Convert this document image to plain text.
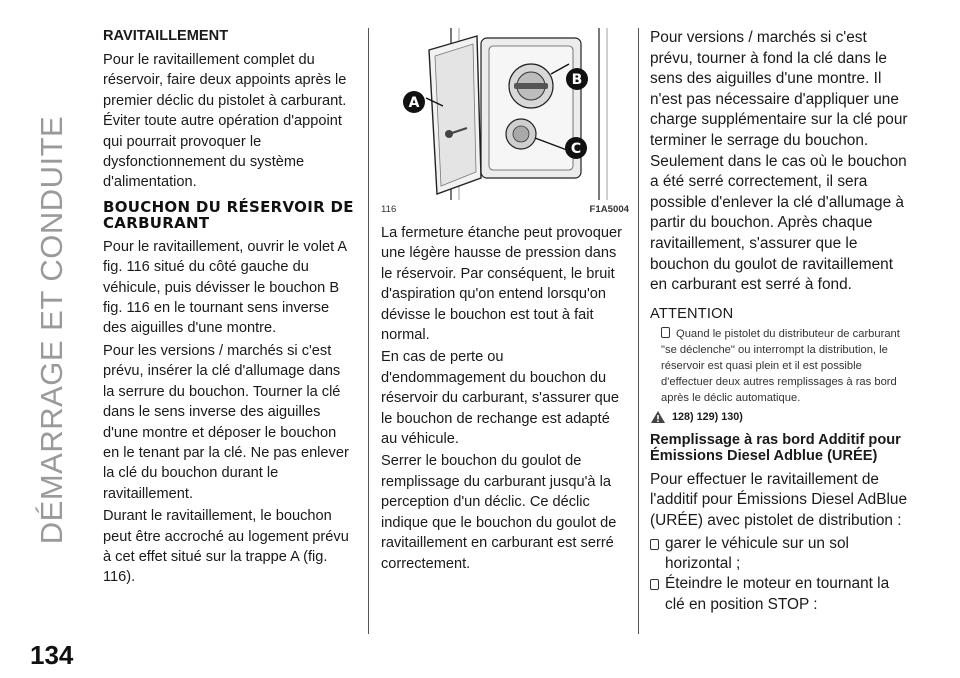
DÉMARRAGE ET CONDUITE
134
RAVITAILLEMENT

Pour le ravitaillement complet du réservoir, faire deux appoints après le premier déclic du pistolet à carburant. Éviter toute autre opération d'appoint qui pourrait provoquer le dysfonctionnement du système d'alimentation.

BOUCHON DU RÉSERVOIR DE CARBURANT

Pour le ravitaillement, ouvrir le volet A fig. 116 situé du côté gauche du véhicule, puis dévisser le bouchon B fig. 116 en le tournant sens inverse des aiguilles d'une montre.

Pour les versions / marchés si c'est prévu, insérer la clé d'allumage dans la serrure du bouchon. Tourner la clé dans le sens inverse des aiguilles d'une montre et déposer le bouchon en le tenant par la clé. Ne pas enlever la clé du bouchon durant le ravitaillement.

Durant le ravitaillement, le bouchon peut être accroché au logement prévu à cet effet situé sur la trappe A (fig. 116).

A
B
C
116	F1A5004

La fermeture étanche peut provoquer une légère hausse de pression dans le réservoir. Par conséquent, le bruit d'aspiration qu'on entend lorsqu'on dévisse le bouchon est tout à fait normal.

En cas de perte ou d'endommagement du bouchon du réservoir du carburant, s'assurer que le bouchon de rechange est adapté au véhicule.

Serrer le bouchon du goulot de remplissage du carburant jusqu'à la perception d'un déclic. Ce déclic indique que le bouchon du goulot de ravitaillement en carburant est serré correctement.

Pour versions / marchés si c'est prévu, tourner à fond la clé dans le sens des aiguilles d'une montre. Il n'est pas nécessaire d'appliquer une charge supplémentaire sur la clé pour terminer le serrage du bouchon. Seulement dans le cas où le bouchon a été serré correctement, il sera possible d'enlever la clé d'allumage à partir du bouchon. Après chaque ravitaillement, s'assurer que le bouchon du goulot de ravitaillement en carburant est serré à fond.

ATTENTION
Quand le pistolet du distributeur de carburant "se déclenche" ou interrompt la distribution, le réservoir est quasi plein et il est possible d'effectuer deux autres remplissages à ras bord après le déclic automatique.
128) 129) 130)
Remplissage à ras bord Additif pour Émissions Diesel Adblue (URÉE)

Pour effectuer le ravitaillement de l'additif pour Émissions Diesel AdBlue (URÉE) avec pistolet de distribution :

garer le véhicule sur un sol horizontal ;
Éteindre le moteur en tournant la clé en position STOP :
